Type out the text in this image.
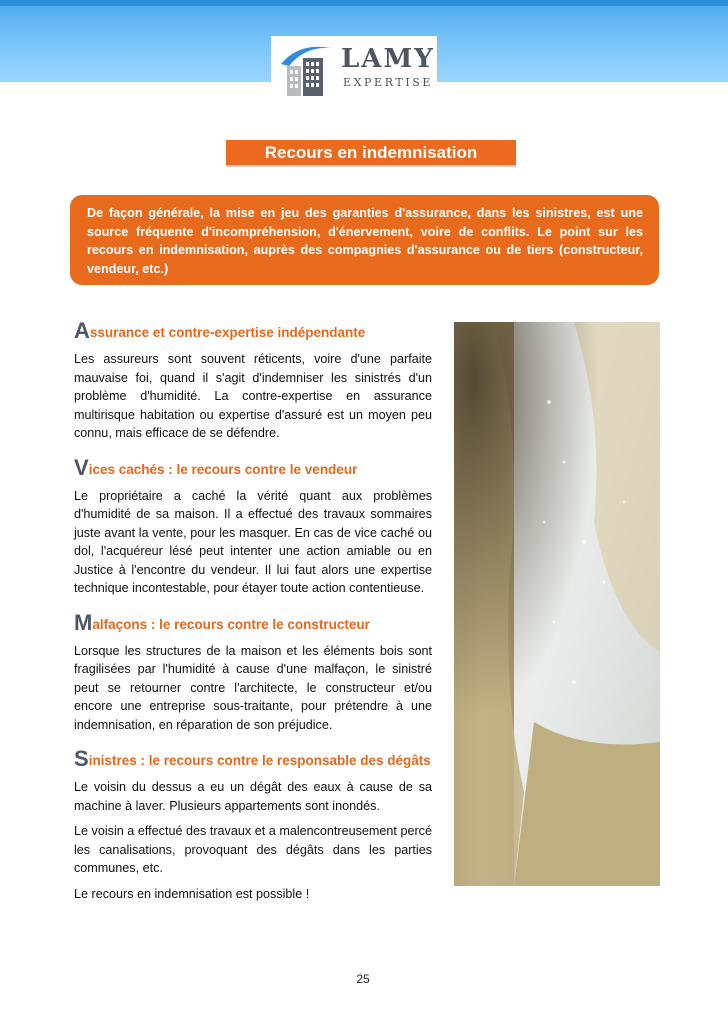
LAMY
EXPERTISE
Recours en indemnisation

De façon générale, la mise en jeu des garanties d'assurance, dans les sinistres, est une source fréquente d'incompréhension, d'énervement, voire de conflits. Le point sur les recours en indemnisation, auprès des compagnies d'assurance ou de tiers (constructeur, vendeur, etc.)

Assurance et contre-expertise indépendante

Les assureurs sont souvent réticents, voire d'une parfaite mauvaise foi, quand il s'agit d'indemniser les sinistrés d'un problème d'humidité. La contre-expertise en assurance multirisque habitation ou expertise d'assuré est un moyen peu connu, mais efficace de se défendre.

Vices cachés : le recours contre le vendeur

Le propriétaire a caché la vérité quant aux problèmes d'humidité de sa maison. Il a effectué des travaux sommaires juste avant la vente, pour les masquer. En cas de vice caché ou dol, l'acquéreur lésé peut intenter une action amiable ou en Justice à l'encontre du vendeur. Il lui faut alors une expertise technique incontestable, pour étayer toute action contentieuse.

Malfaçons : le recours contre le constructeur

Lorsque les structures de la maison et les éléments bois sont fragilisées par l'humidité à cause d'une malfaçon, le sinistré peut se retourner contre l'architecte, le constructeur et/ou encore une entreprise sous-traitante, pour prétendre à une indemnisation, en réparation de son préjudice.

Sinistres : le recours contre le responsable des dégâts

Le voisin du dessus a eu un dégât des eaux à cause de sa machine à laver. Plusieurs appartements sont inondés.

Le voisin a effectué des travaux et a malencontreusement percé les canalisations, provoquant des dégâts dans les parties communes, etc.

Le recours en indemnisation est possible !

25
